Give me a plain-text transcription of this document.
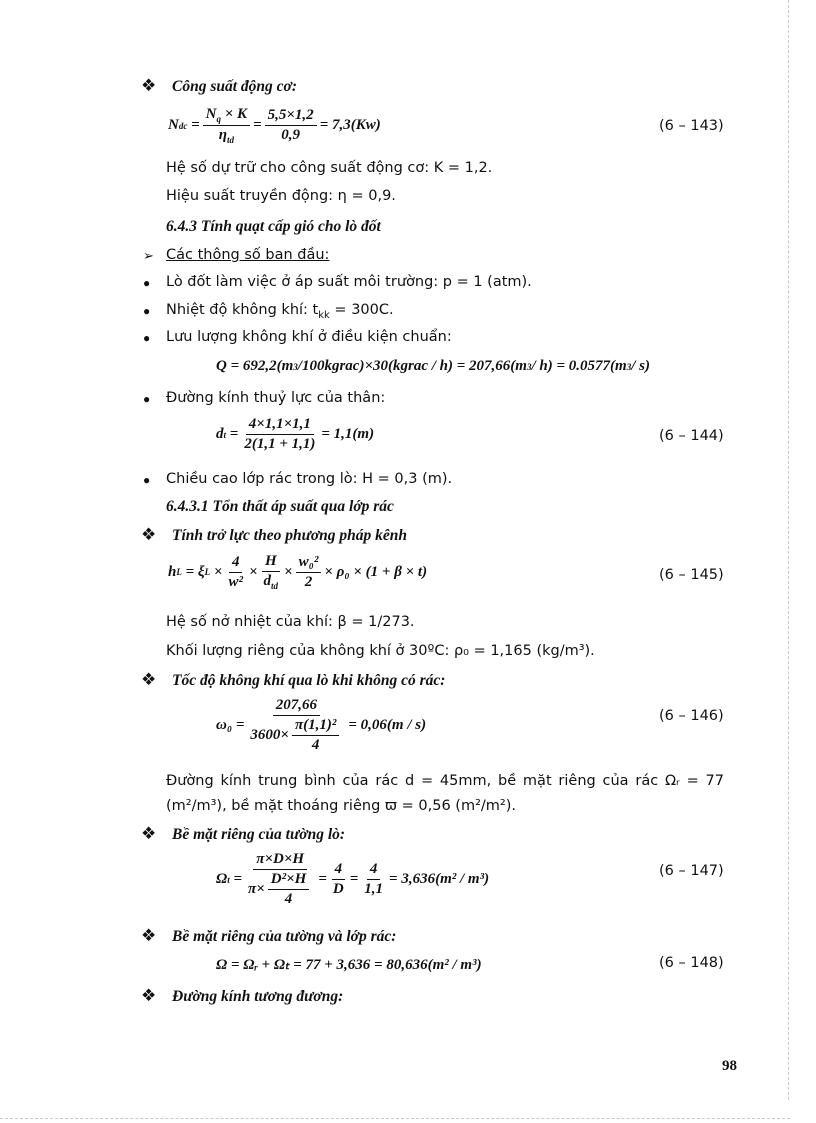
❖ Công suất động cơ:
N dc = $\frac{N_q \times K}{\eta_{td}} = \frac{5,5\times 1,2}{0,9} = 7,3(Kw)$	(6 – 143)
Hệ số dự trữ cho công suất động cơ: K = 1,2.
Hiệu suất truyền động: η = 0,9.
6.4.3 Tính quạt cấp gió cho lò đốt
➢ Các thông số ban đầu:
● Lò đốt làm việc ở áp suất môi trường: p = 1 (atm).
● Nhiệt độ không khí: $t_{kk} = 300C$.
● Lưu lượng không khí ở điều kiện chuẩn:
Q = 692,2(m 3 /100kgrac)×30(kgrac / h) = 207,66(m 3 / h) = 0.0577(m 3 / s)
● Đường kính thuỷ lực của thân:
d $t = \frac{4\times 1,1\times 1,1}{2(1,1 + 1,1)} = 1,1(m)$	(6 – 144)
● Chiều cao lớp rác trong lò: H = 0,3 (m).
6.4.3.1 Tổn thất áp suất qua lớp rác
❖ Tính trở lực theo phương pháp kênh
h L
= ξ $L \times \frac{4}{\text{w²}} \times \frac{H}{d_{td}} \times \frac{\text{w₀²}}{2} \times \rho_0 \times (1 + \beta \times t)$	(6 – 145)
Hệ số nở nhiệt của khí: β = 1/273.
Khối lượng riêng của không khí ở 30ºC: ρ₀ = 1,165 (kg/m³).
❖ Tốc độ không khí qua lò khi không có rác:
$\omega_0 = \frac{207,66}{3600\times \frac{\text{π(1,1)²}}{4}} = 0,06(m / s)$
(6 – 146)
Đường kính trung bình của rác d = 45mm, bề mặt riêng của rác Ωᵣ = 77 (m²/m³), bề mặt thoáng riêng ϖ = 0,56 (m²/m²).
❖ Bề mặt riêng của tường lò:
Ω $t = \frac{\pi\times D\times H}{\pi\times \frac{\text{D²×H}}{4}} = \frac{4}{D} = \frac{4}{1,1} = 3,636(m^2 / m^3)$	(6 – 147)
❖ Bề mặt riêng của tường và lớp rác:
Ω = Ωᵣ + Ωₜ = 77 + 3,636 = 80,636(m² / m³)	(6 – 148)
❖ Đường kính tương đương:
98
